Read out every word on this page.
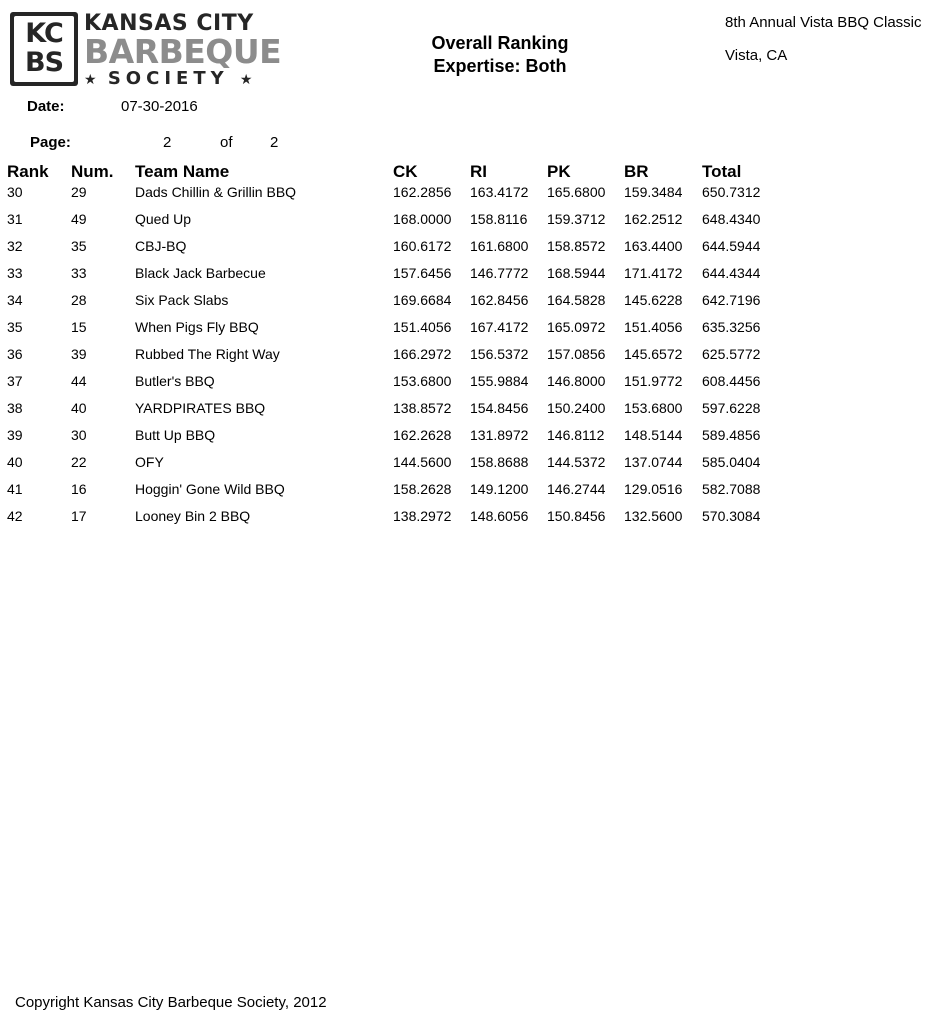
KC
BS
KANSAS CITY
BARBEQUE
★ SOCIETY ★
Overall Ranking
Expertise: Both
8th Annual Vista BBQ Classic
Vista, CA
Date:	07-30-2016
Page:	2	of 2
Rank Num. Team Name	CK	RI	PK	BR	Total
30	29	Dads Chillin & Grillin BBQ	162.2856 163.4172 165.6800 159.3484 650.7312
31	49	Qued Up	168.0000 158.8116 159.3712 162.2512 648.4340
32	35	CBJ-BQ	160.6172 161.6800 158.8572 163.4400 644.5944
33	33	Black Jack Barbecue	157.6456 146.7772 168.5944 171.4172 644.4344
34	28	Six Pack Slabs	169.6684 162.8456 164.5828 145.6228 642.7196
35	15	When Pigs Fly BBQ	151.4056 167.4172 165.0972 151.4056 635.3256
36	39	Rubbed The Right Way	166.2972 156.5372 157.0856 145.6572 625.5772
37	44	Butler's BBQ	153.6800 155.9884 146.8000 151.9772 608.4456
38	40	YARDPIRATES BBQ	138.8572 154.8456 150.2400 153.6800 597.6228
39	30	Butt Up BBQ	162.2628 131.8972 146.8112 148.5144 589.4856
40	22	OFY	144.5600 158.8688 144.5372 137.0744 585.0404
41	16	Hoggin' Gone Wild BBQ	158.2628 149.1200 146.2744 129.0516 582.7088
42	17	Looney Bin 2 BBQ	138.2972 148.6056 150.8456 132.5600 570.3084
Copyright Kansas City Barbeque Society, 2012
